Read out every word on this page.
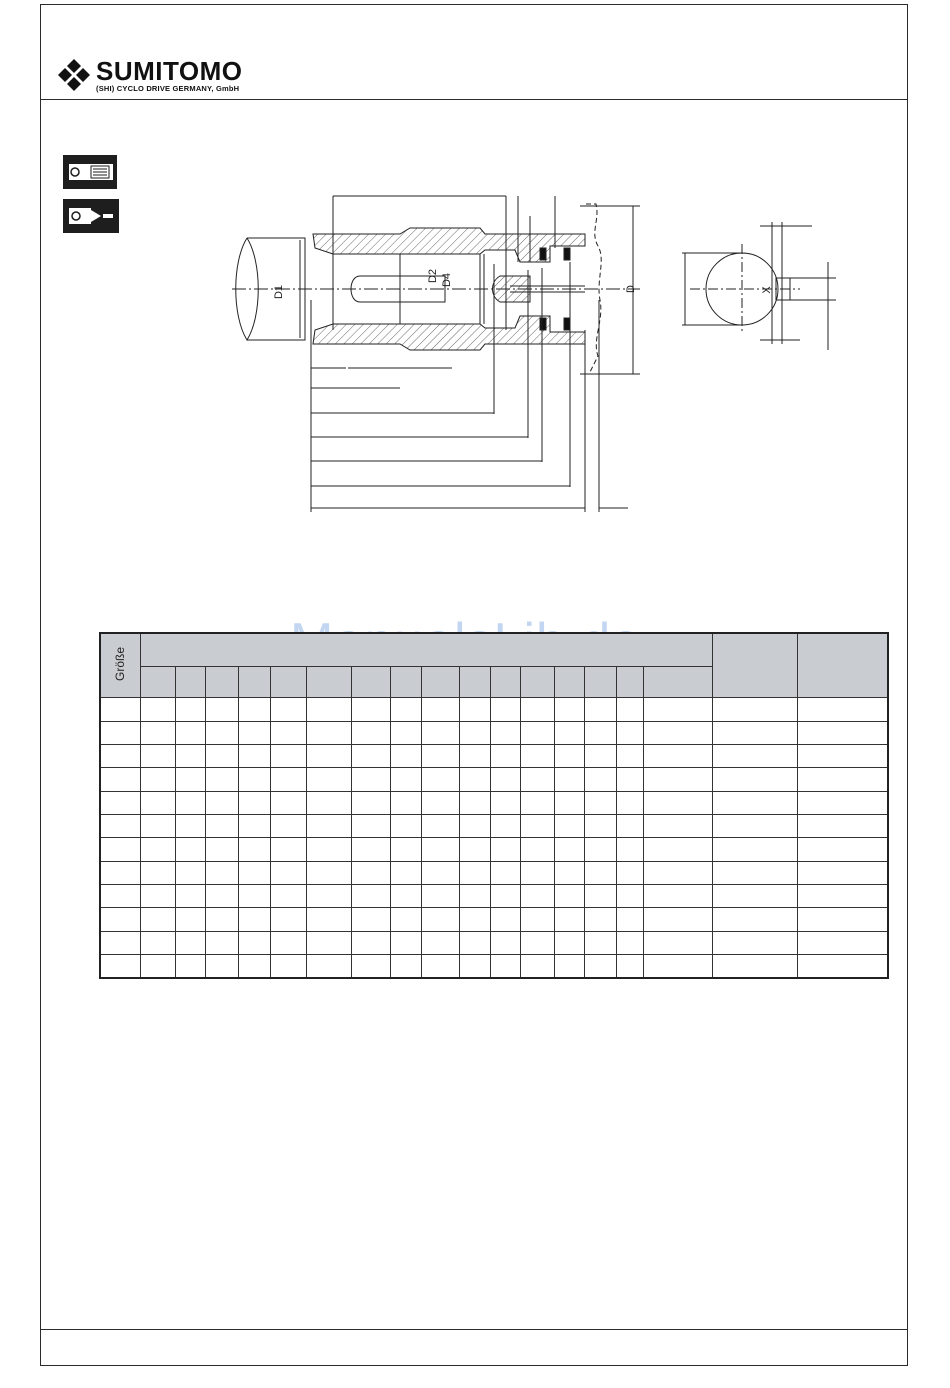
SUMITOMO
(SHI) CYCLO DRIVE GERMANY, GmbH
D1
D2 D4
D	X
Größe																		
